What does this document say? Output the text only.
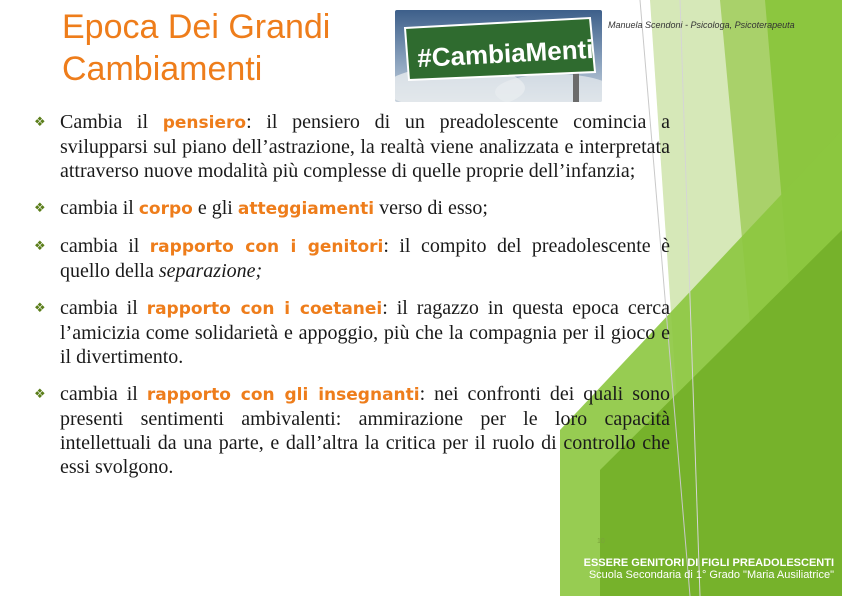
Epoca Dei Grandi
Cambiamenti	#CambiaMenti
Manuela Scendoni - Psicologa, Psicoterapeuta
❖ Cambia il pensiero: il pensiero di un preadolescente comincia a svilupparsi sul piano dell’astrazione, la realtà viene analizzata e interpretata attraverso nuove modalità più complesse di quelle proprie dell’infanzia;
❖ cambia il corpo e gli atteggiamenti verso di esso;
❖ cambia il rapporto con i genitori: il compito del preadolescente è quello della separazione;
❖ cambia il rapporto con i coetanei: il ragazzo in questa epoca cerca l’amicizia come solidarietà e appoggio, più che la compagnia per il gioco e il divertimento.
❖ cambia il rapporto con gli insegnanti: nei confronti dei quali sono presenti sentimenti ambivalenti: ammirazione per le loro capacità intellettuali da una parte, e dall’altra la critica per il ruolo di controllo che essi svolgono.
10
ESSERE GENITORI DI FIGLI PREADOLESCENTI
Scuola Secondaria di 1° Grado "Maria Ausiliatrice"
